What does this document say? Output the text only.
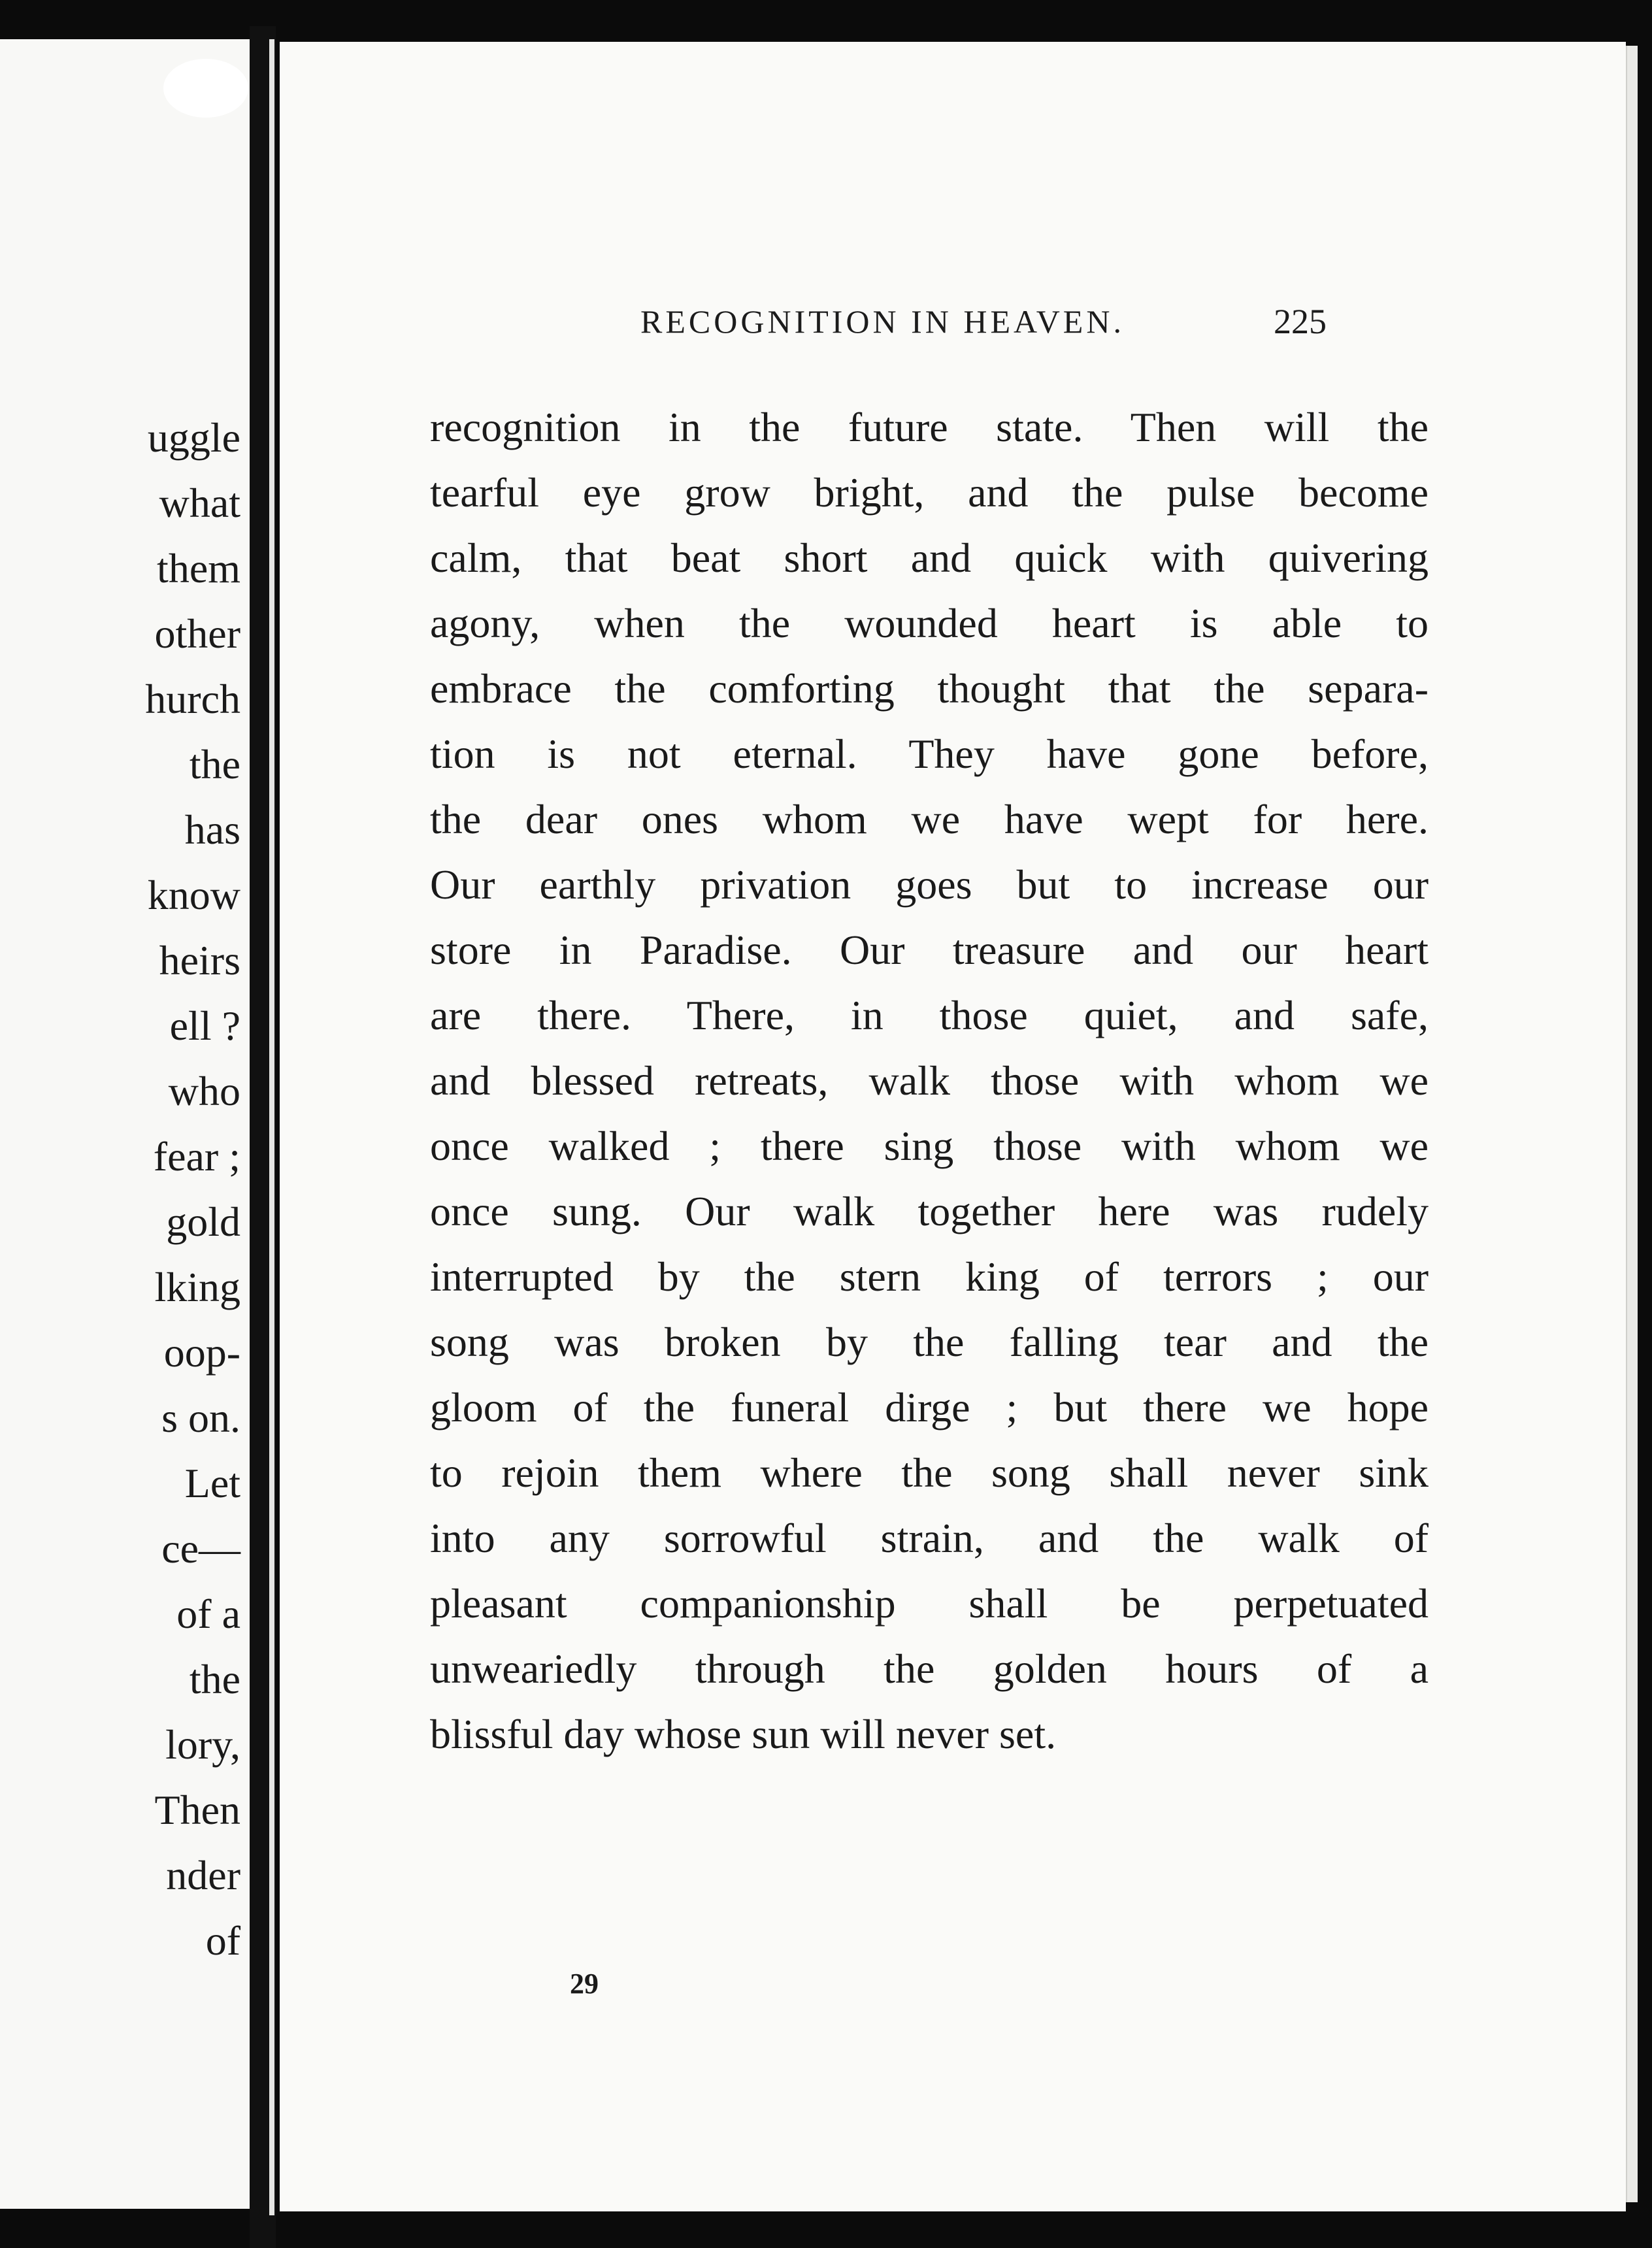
uggle
what
them
other
hurch
the
has
know
heirs
ell ?
who
fear ;
gold
lking
oop-
s on.
Let
ce—
of a
the
lory,
Then
nder
of
RECOGNITION IN HEAVEN.	225
recognition in the future state. Then will the
tearful eye grow bright, and the pulse become
calm, that beat short and quick with quivering
agony, when the wounded heart is able to
embrace the comforting thought that the separa-
tion is not eternal. They have gone before,
the dear ones whom we have wept for here.
Our earthly privation goes but to increase our
store in Paradise. Our treasure and our heart
are there. There, in those quiet, and safe,
and blessed retreats, walk those with whom we
once walked ; there sing those with whom we
once sung. Our walk together here was rudely
interrupted by the stern king of terrors ; our
song was broken by the falling tear and the
gloom of the funeral dirge ; but there we hope
to rejoin them where the song shall never sink
into any sorrowful strain, and the walk of
pleasant companionship shall be perpetuated
unweariedly through the golden hours of a
blissful day whose sun will never set.
29
